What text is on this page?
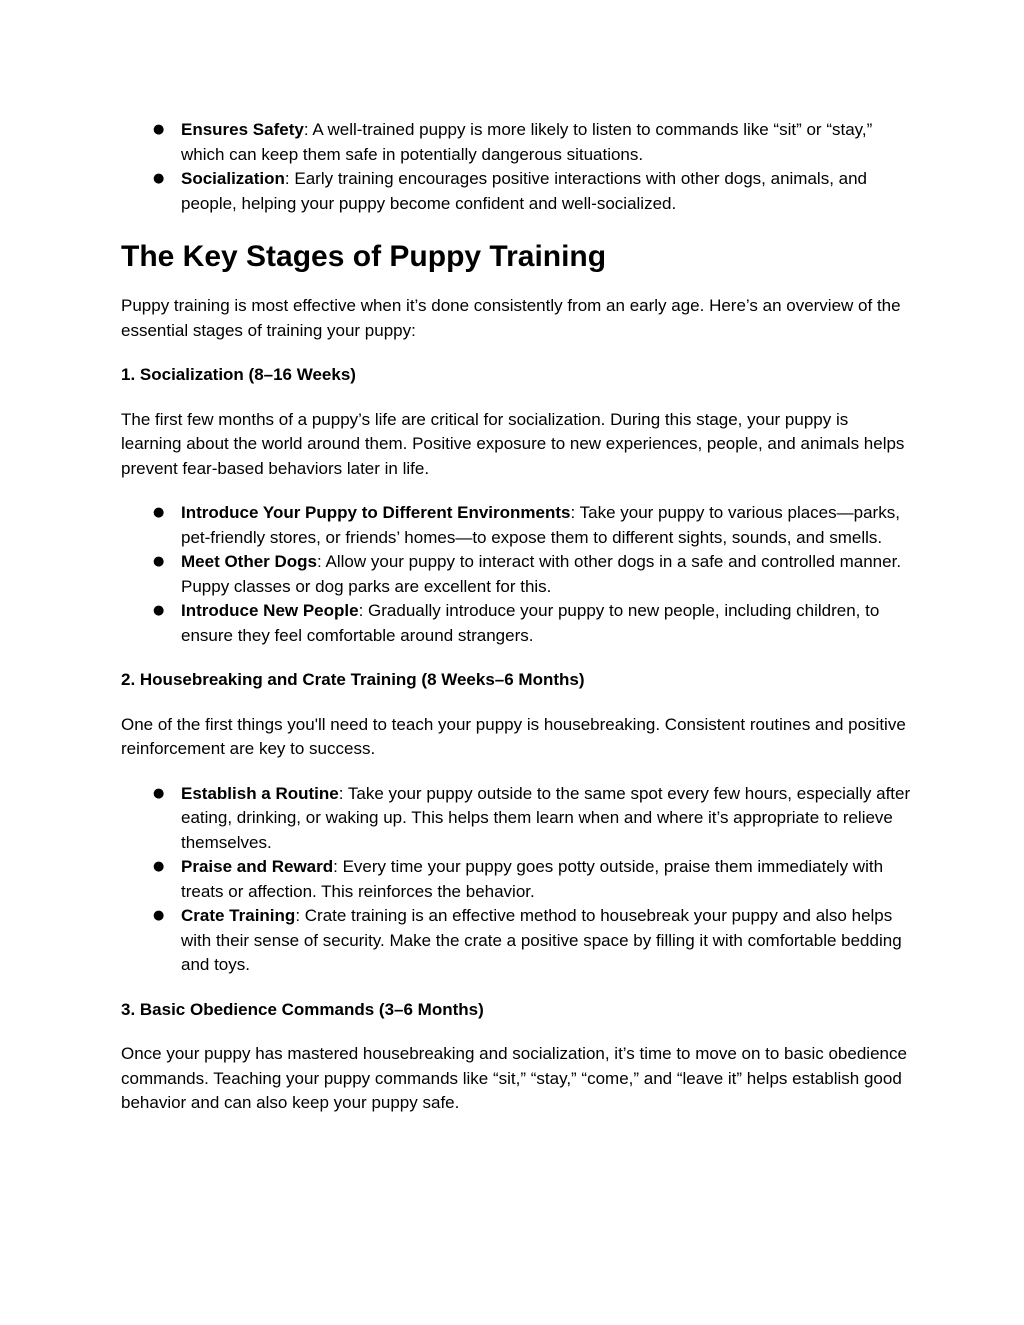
● Ensures Safety: A well-trained puppy is more likely to listen to commands like “sit” or “stay,” which can keep them safe in potentially dangerous situations.
● Socialization: Early training encourages positive interactions with other dogs, animals, and people, helping your puppy become confident and well-socialized.
The Key Stages of Puppy Training

Puppy training is most effective when it’s done consistently from an early age. Here’s an overview of the essential stages of training your puppy:

1. Socialization (8–16 Weeks)

The first few months of a puppy’s life are critical for socialization. During this stage, your puppy is learning about the world around them. Positive exposure to new experiences, people, and animals helps prevent fear-based behaviors later in life.

● Introduce Your Puppy to Different Environments: Take your puppy to various places—parks, pet-friendly stores, or friends’ homes—to expose them to different sights, sounds, and smells.
● Meet Other Dogs: Allow your puppy to interact with other dogs in a safe and controlled manner. Puppy classes or dog parks are excellent for this.
● Introduce New People: Gradually introduce your puppy to new people, including children, to ensure they feel comfortable around strangers.
2. Housebreaking and Crate Training (8 Weeks–6 Months)

One of the first things you'll need to teach your puppy is housebreaking. Consistent routines and positive reinforcement are key to success.

● Establish a Routine: Take your puppy outside to the same spot every few hours, especially after eating, drinking, or waking up. This helps them learn when and where it’s appropriate to relieve themselves.
● Praise and Reward: Every time your puppy goes potty outside, praise them immediately with treats or affection. This reinforces the behavior.
● Crate Training: Crate training is an effective method to housebreak your puppy and also helps with their sense of security. Make the crate a positive space by filling it with comfortable bedding and toys.
3. Basic Obedience Commands (3–6 Months)

Once your puppy has mastered housebreaking and socialization, it’s time to move on to basic obedience commands. Teaching your puppy commands like “sit,” “stay,” “come,” and “leave it” helps establish good behavior and can also keep your puppy safe.
